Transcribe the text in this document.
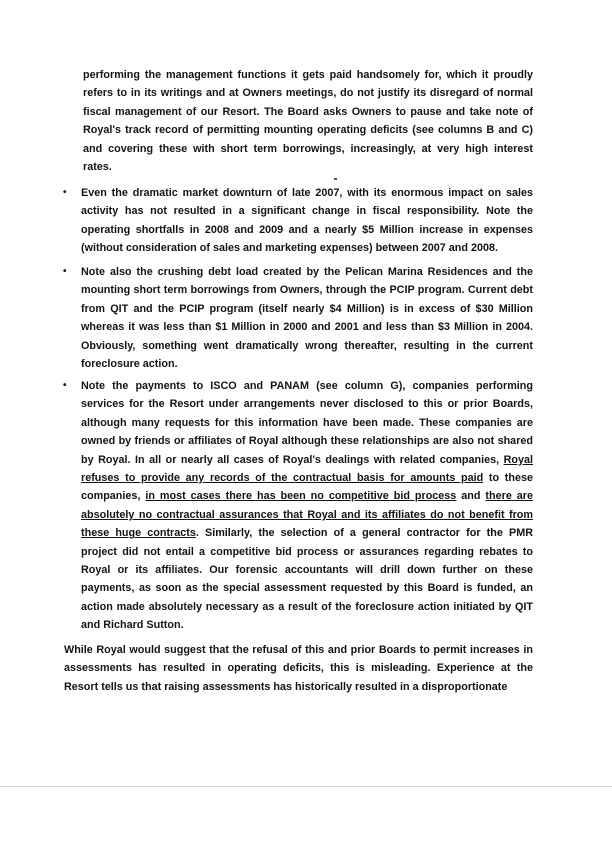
performing the management functions it gets paid handsomely for, which it proudly
refers to in its writings and at Owners meetings, do not justify its disregard of normal
fiscal management of our Resort. The Board asks Owners to pause and take note of
Royal's track record of permitting mounting operating deficits (see columns B and C)
and covering these with short term borrowings, increasingly, at very high interest
rates.
• Even the dramatic market downturn of late 2007, with its enormous impact on sales activity has not resulted in a significant change in fiscal responsibility. Note the operating shortfalls in 2008 and 2009 and a nearly $5 Million increase in expenses (without consideration of sales and marketing expenses) between 2007 and 2008.

• Note also the crushing debt load created by the Pelican Marina Residences and the mounting short term borrowings from Owners, through the PCIP program. Current debt from QIT and the PCIP program (itself nearly $4 Million) is in excess of $30 Million whereas it was less than $1 Million in 2000 and 2001 and less than $3 Million in 2004. Obviously, something went dramatically wrong thereafter, resulting in the current foreclosure action.

• Note the payments to ISCO and PANAM (see column G), companies performing services for the Resort under arrangements never disclosed to this or prior Boards, although many requests for this information have been made. These companies are owned by friends or affiliates of Royal although these relationships are also not shared by Royal. In all or nearly all cases of Royal's dealings with related companies, Royal refuses to provide any records of the contractual basis for amounts paid to these companies, in most cases there has been no competitive bid process and there are absolutely no contractual assurances that Royal and its affiliates do not benefit from these huge contracts. Similarly, the selection of a general contractor for the PMR project did not entail a competitive bid process or assurances regarding rebates to Royal or its affiliates. Our forensic accountants will drill down further on these payments, as soon as the special assessment requested by this Board is funded, an action made absolutely necessary as a result of the foreclosure action initiated by QIT and Richard Sutton.

While Royal would suggest that the refusal of this and prior Boards to permit increases in assessments has resulted in operating deficits, this is misleading. Experience at the Resort tells us that raising assessments has historically resulted in a disproportionate
